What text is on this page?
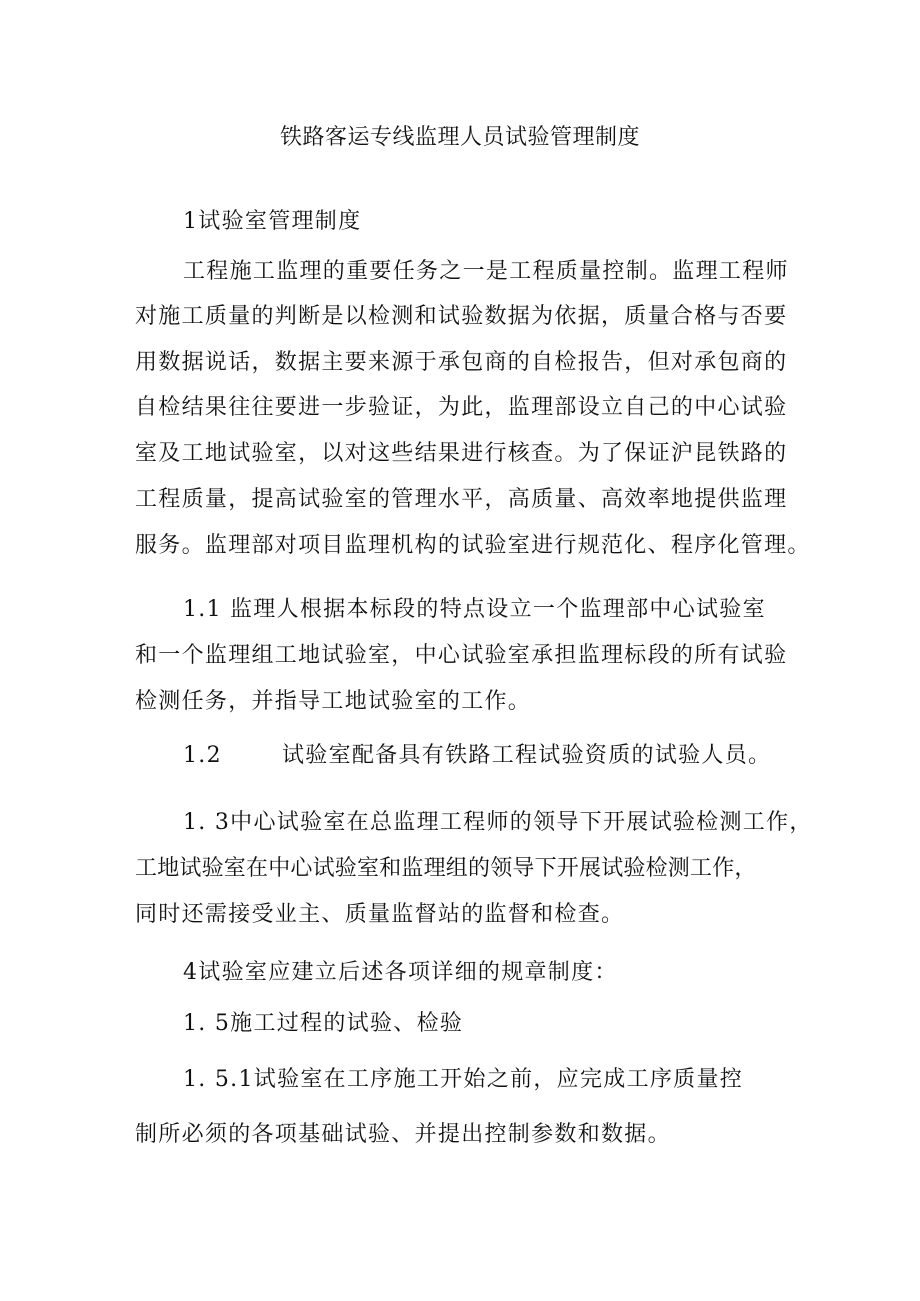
铁路客运专线监理人员试验管理制度
1试验室管理制度
工程施工监理的重要任务之一是工程质量控制。监理工程师
对施工质量的判断是以检测和试验数据为依据，质量合格与否要
用数据说话，数据主要来源于承包商的自检报告，但对承包商的
自检结果往往要进一步验证，为此，监理部设立自己的中心试验
室及工地试验室，以对这些结果进行核查。为了保证沪昆铁路的
工程质量，提高试验室的管理水平，高质量、高效率地提供监理
服务。监理部对项目监理机构的试验室进行规范化、程序化管理。
1.1 监理人根据本标段的特点设立一个监理部中心试验室
和一个监理组工地试验室，中心试验室承担监理标段的所有试验
检测任务，并指导工地试验室的工作。
1.2	试验室配备具有铁路工程试验资质的试验人员。
1. 3中心试验室在总监理工程师的领导下开展试验检测工作，
工地试验室在中心试验室和监理组的领导下开展试验检测工作，
同时还需接受业主、质量监督站的监督和检查。
4试验室应建立后述各项详细的规章制度：
1. 5施工过程的试验、检验
1. 5.1试验室在工序施工开始之前，应完成工序质量控
制所必须的各项基础试验、并提出控制参数和数据。
